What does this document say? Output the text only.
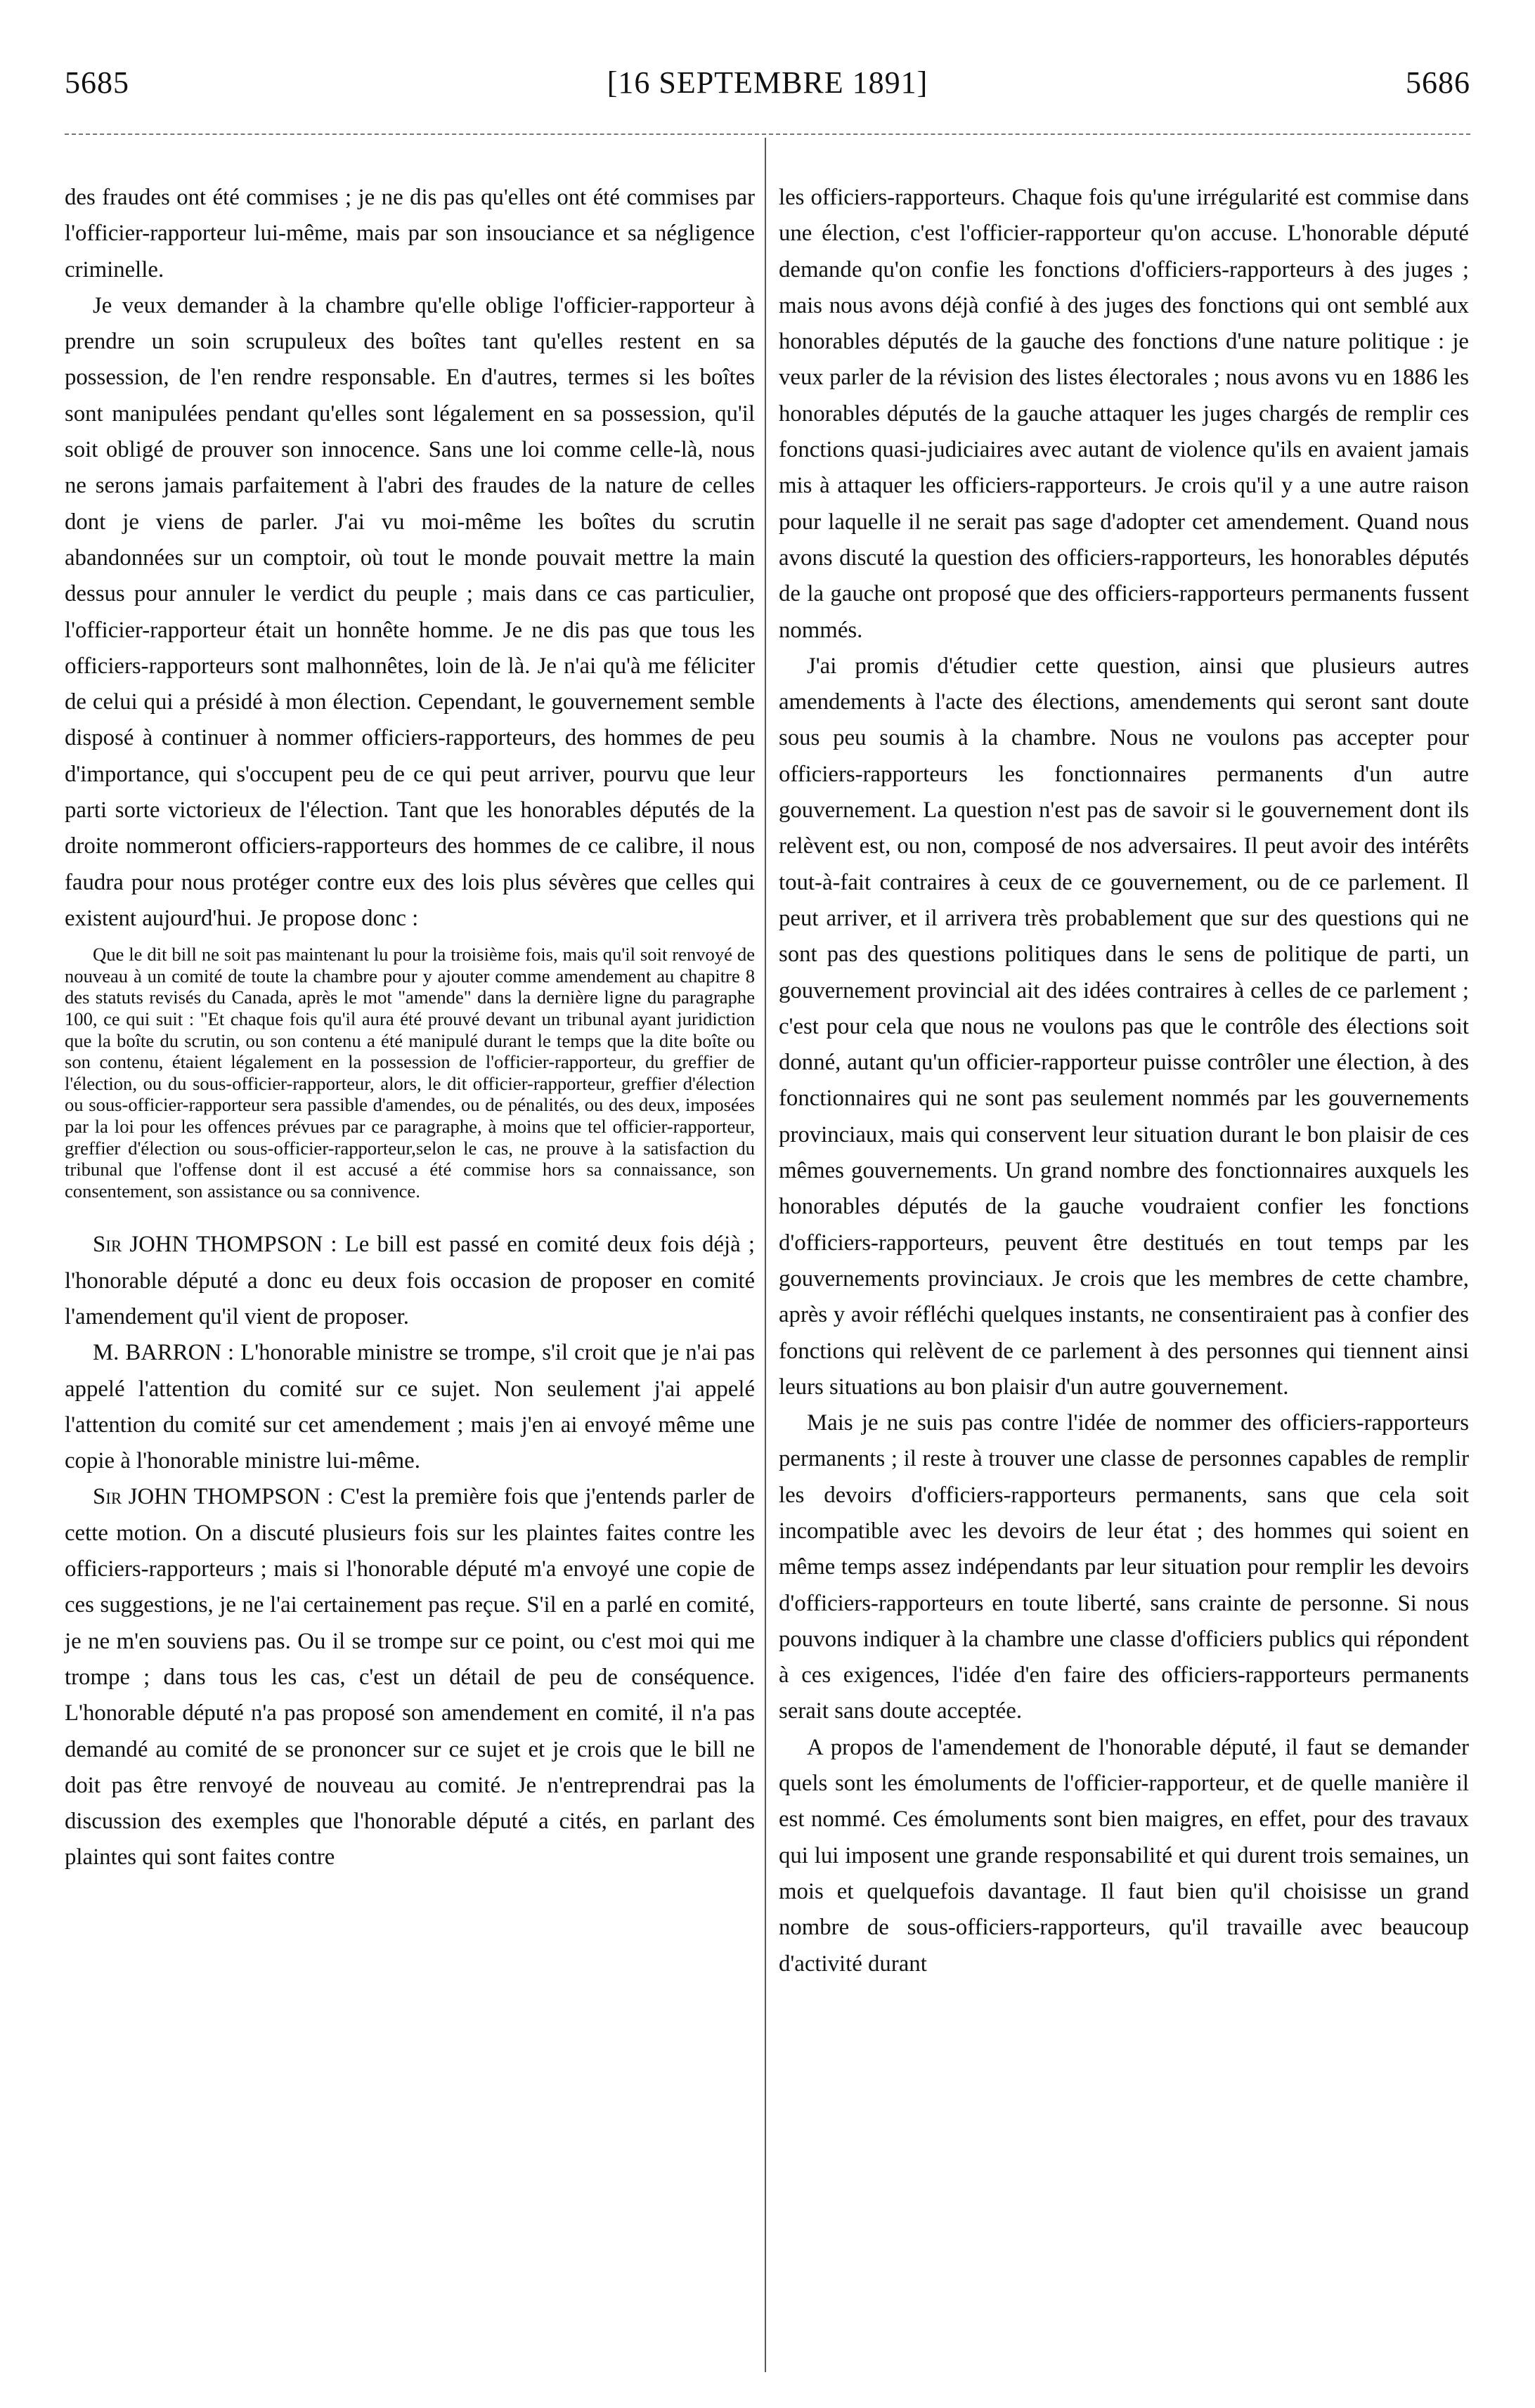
5685	[16 SEPTEMBRE 1891]	5686

des fraudes ont été commises ; je ne dis pas qu'elles ont été commises par l'officier-rapporteur lui-même, mais par son insouciance et sa négligence criminelle.

Je veux demander à la chambre qu'elle oblige l'officier-rapporteur à prendre un soin scrupuleux des boîtes tant qu'elles restent en sa possession, de l'en rendre responsable. En d'autres, termes si les boîtes sont manipulées pendant qu'elles sont légalement en sa possession, qu'il soit obligé de prouver son innocence. Sans une loi comme celle-là, nous ne serons jamais parfaitement à l'abri des fraudes de la nature de celles dont je viens de parler. J'ai vu moi-même les boîtes du scrutin abandonnées sur un comptoir, où tout le monde pouvait mettre la main dessus pour annuler le verdict du peuple ; mais dans ce cas particulier, l'officier-rapporteur était un honnête homme. Je ne dis pas que tous les officiers-rapporteurs sont malhonnêtes, loin de là. Je n'ai qu'à me féliciter de celui qui a présidé à mon élection. Cependant, le gouvernement semble disposé à continuer à nommer officiers-rapporteurs, des hommes de peu d'importance, qui s'occupent peu de ce qui peut arriver, pourvu que leur parti sorte victorieux de l'élection. Tant que les honorables députés de la droite nommeront officiers-rapporteurs des hommes de ce calibre, il nous faudra pour nous protéger contre eux des lois plus sévères que celles qui existent aujourd'hui. Je propose donc :

Que le dit bill ne soit pas maintenant lu pour la troisième fois, mais qu'il soit renvoyé de nouveau à un comité de toute la chambre pour y ajouter comme amendement au chapitre 8 des statuts revisés du Canada, après le mot "amende" dans la dernière ligne du paragraphe 100, ce qui suit : "Et chaque fois qu'il aura été prouvé devant un tribunal ayant juridiction que la boîte du scrutin, ou son contenu a été manipulé durant le temps que la dite boîte ou son contenu, étaient légalement en la possession de l'officier-rapporteur, du greffier de l'élection, ou du sous-officier-rapporteur, alors, le dit officier-rapporteur, greffier d'élection ou sous-officier-rapporteur sera passible d'amendes, ou de pénalités, ou des deux, imposées par la loi pour les offences prévues par ce paragraphe, à moins que tel officier-rapporteur, greffier d'élection ou sous-officier-rapporteur,selon le cas, ne prouve à la satisfaction du tribunal que l'offense dont il est accusé a été commise hors sa connaissance, son consentement, son assistance ou sa connivence.

Sir JOHN THOMPSON : Le bill est passé en comité deux fois déjà ; l'honorable député a donc eu deux fois occasion de proposer en comité l'amendement qu'il vient de proposer.

M. BARRON : L'honorable ministre se trompe, s'il croit que je n'ai pas appelé l'attention du comité sur ce sujet. Non seulement j'ai appelé l'attention du comité sur cet amendement ; mais j'en ai envoyé même une copie à l'honorable ministre lui-même.

Sir JOHN THOMPSON : C'est la première fois que j'entends parler de cette motion. On a discuté plusieurs fois sur les plaintes faites contre les officiers-rapporteurs ; mais si l'honorable député m'a envoyé une copie de ces suggestions, je ne l'ai certainement pas reçue. S'il en a parlé en comité, je ne m'en souviens pas. Ou il se trompe sur ce point, ou c'est moi qui me trompe ; dans tous les cas, c'est un détail de peu de conséquence. L'honorable député n'a pas proposé son amendement en comité, il n'a pas demandé au comité de se prononcer sur ce sujet et je crois que le bill ne doit pas être renvoyé de nouveau au comité. Je n'entreprendrai pas la discussion des exemples que l'honorable député a cités, en parlant des plaintes qui sont faites contre

les officiers-rapporteurs. Chaque fois qu'une irrégularité est commise dans une élection, c'est l'officier-rapporteur qu'on accuse. L'honorable député demande qu'on confie les fonctions d'officiers-rapporteurs à des juges ; mais nous avons déjà confié à des juges des fonctions qui ont semblé aux honorables députés de la gauche des fonctions d'une nature politique : je veux parler de la révision des listes électorales ; nous avons vu en 1886 les honorables députés de la gauche attaquer les juges chargés de remplir ces fonctions quasi-judiciaires avec autant de violence qu'ils en avaient jamais mis à attaquer les officiers-rapporteurs. Je crois qu'il y a une autre raison pour laquelle il ne serait pas sage d'adopter cet amendement. Quand nous avons discuté la question des officiers-rapporteurs, les honorables députés de la gauche ont proposé que des officiers-rapporteurs permanents fussent nommés.

J'ai promis d'étudier cette question, ainsi que plusieurs autres amendements à l'acte des élections, amendements qui seront sant doute sous peu soumis à la chambre. Nous ne voulons pas accepter pour officiers-rapporteurs les fonctionnaires permanents d'un autre gouvernement. La question n'est pas de savoir si le gouvernement dont ils relèvent est, ou non, composé de nos adversaires. Il peut avoir des intérêts tout-à-fait contraires à ceux de ce gouvernement, ou de ce parlement. Il peut arriver, et il arrivera très probablement que sur des questions qui ne sont pas des questions politiques dans le sens de politique de parti, un gouvernement provincial ait des idées contraires à celles de ce parlement ; c'est pour cela que nous ne voulons pas que le contrôle des élections soit donné, autant qu'un officier-rapporteur puisse contrôler une élection, à des fonctionnaires qui ne sont pas seulement nommés par les gouvernements provinciaux, mais qui conservent leur situation durant le bon plaisir de ces mêmes gouvernements. Un grand nombre des fonctionnaires auxquels les honorables députés de la gauche voudraient confier les fonctions d'officiers-rapporteurs, peuvent être destitués en tout temps par les gouvernements provinciaux. Je crois que les membres de cette chambre, après y avoir réfléchi quelques instants, ne consentiraient pas à confier des fonctions qui relèvent de ce parlement à des personnes qui tiennent ainsi leurs situations au bon plaisir d'un autre gouvernement.

Mais je ne suis pas contre l'idée de nommer des officiers-rapporteurs permanents ; il reste à trouver une classe de personnes capables de remplir les devoirs d'officiers-rapporteurs permanents, sans que cela soit incompatible avec les devoirs de leur état ; des hommes qui soient en même temps assez indépendants par leur situation pour remplir les devoirs d'officiers-rapporteurs en toute liberté, sans crainte de personne. Si nous pouvons indiquer à la chambre une classe d'officiers publics qui répondent à ces exigences, l'idée d'en faire des officiers-rapporteurs permanents serait sans doute acceptée.

A propos de l'amendement de l'honorable député, il faut se demander quels sont les émoluments de l'officier-rapporteur, et de quelle manière il est nommé. Ces émoluments sont bien maigres, en effet, pour des travaux qui lui imposent une grande responsabilité et qui durent trois semaines, un mois et quelquefois davantage. Il faut bien qu'il choisisse un grand nombre de sous-officiers-rapporteurs, qu'il travaille avec beaucoup d'activité durant
